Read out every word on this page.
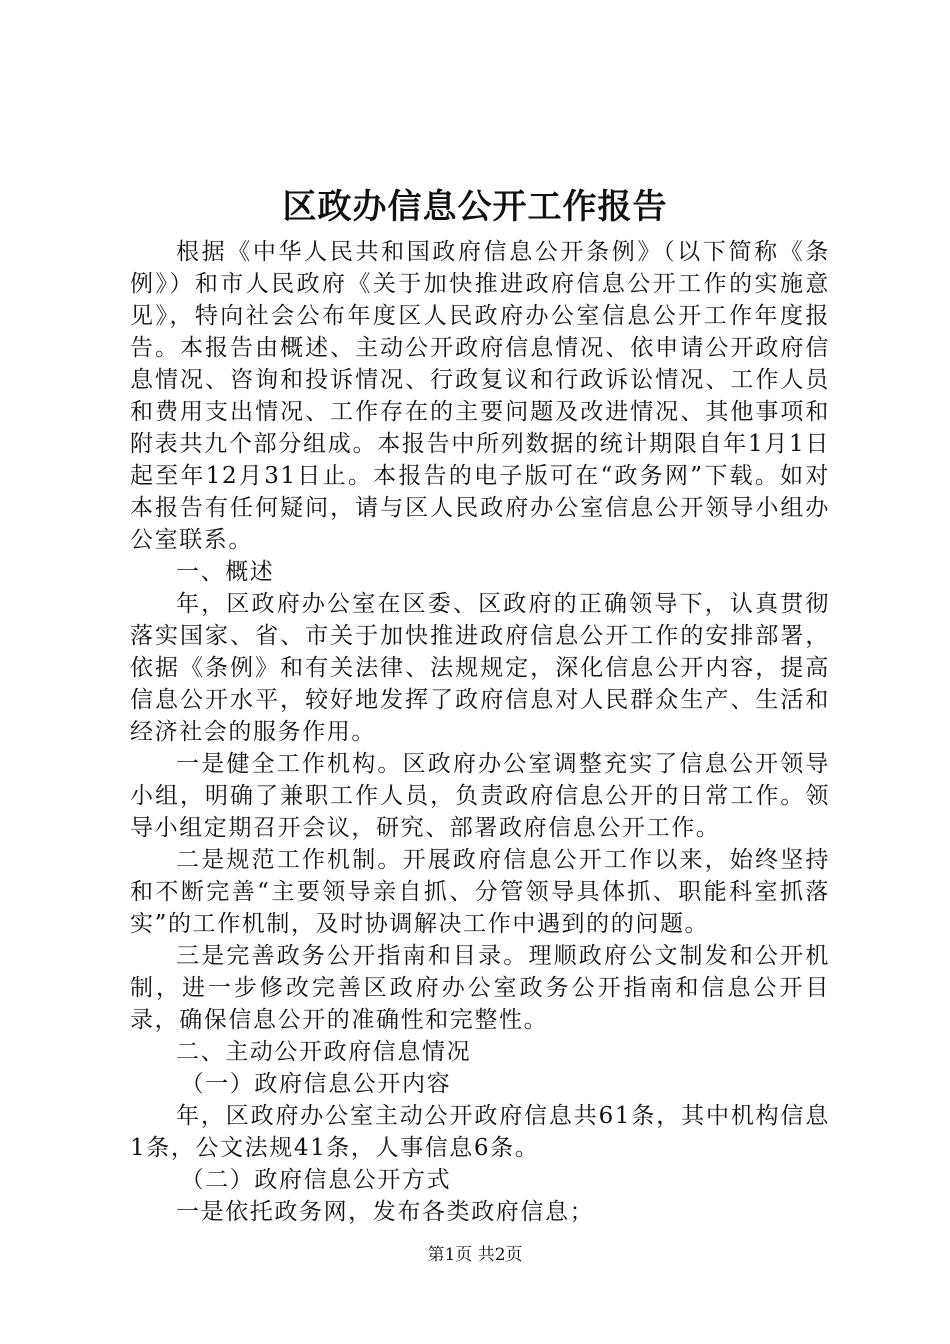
区政办信息公开工作报告

根据《中华人民共和国政府信息公开条例》（以下简称《条例》）和市人民政府《关于加快推进政府信息公开工作的实施意见》，特向社会公布年度区人民政府办公室信息公开工作年度报告。本报告由概述、主动公开政府信息情况、依申请公开政府信息情况、咨询和投诉情况、行政复议和行政诉讼情况、工作人员和费用支出情况、工作存在的主要问题及改进情况、其他事项和附表共九个部分组成。本报告中所列数据的统计期限自年1月1日起至年12月31日止。本报告的电子版可在“政务网”下载。如对本报告有任何疑问，请与区人民政府办公室信息公开领导小组办公室联系。

一、概述

年，区政府办公室在区委、区政府的正确领导下，认真贯彻落实国家、省、市关于加快推进政府信息公开工作的安排部署，依据《条例》和有关法律、法规规定，深化信息公开内容，提高信息公开水平，较好地发挥了政府信息对人民群众生产、生活和经济社会的服务作用。

一是健全工作机构。区政府办公室调整充实了信息公开领导小组，明确了兼职工作人员，负责政府信息公开的日常工作。领导小组定期召开会议，研究、部署政府信息公开工作。

二是规范工作机制。开展政府信息公开工作以来，始终坚持和不断完善“主要领导亲自抓、分管领导具体抓、职能科室抓落实”的工作机制，及时协调解决工作中遇到的的问题。

三是完善政务公开指南和目录。理顺政府公文制发和公开机制，进一步修改完善区政府办公室政务公开指南和信息公开目录，确保信息公开的准确性和完整性。

二、主动公开政府信息情况

（一）政府信息公开内容

年，区政府办公室主动公开政府信息共61条，其中机构信息1条，公文法规41条，人事信息6条。

（二）政府信息公开方式

一是依托政务网，发布各类政府信息；

第1页 共2页
